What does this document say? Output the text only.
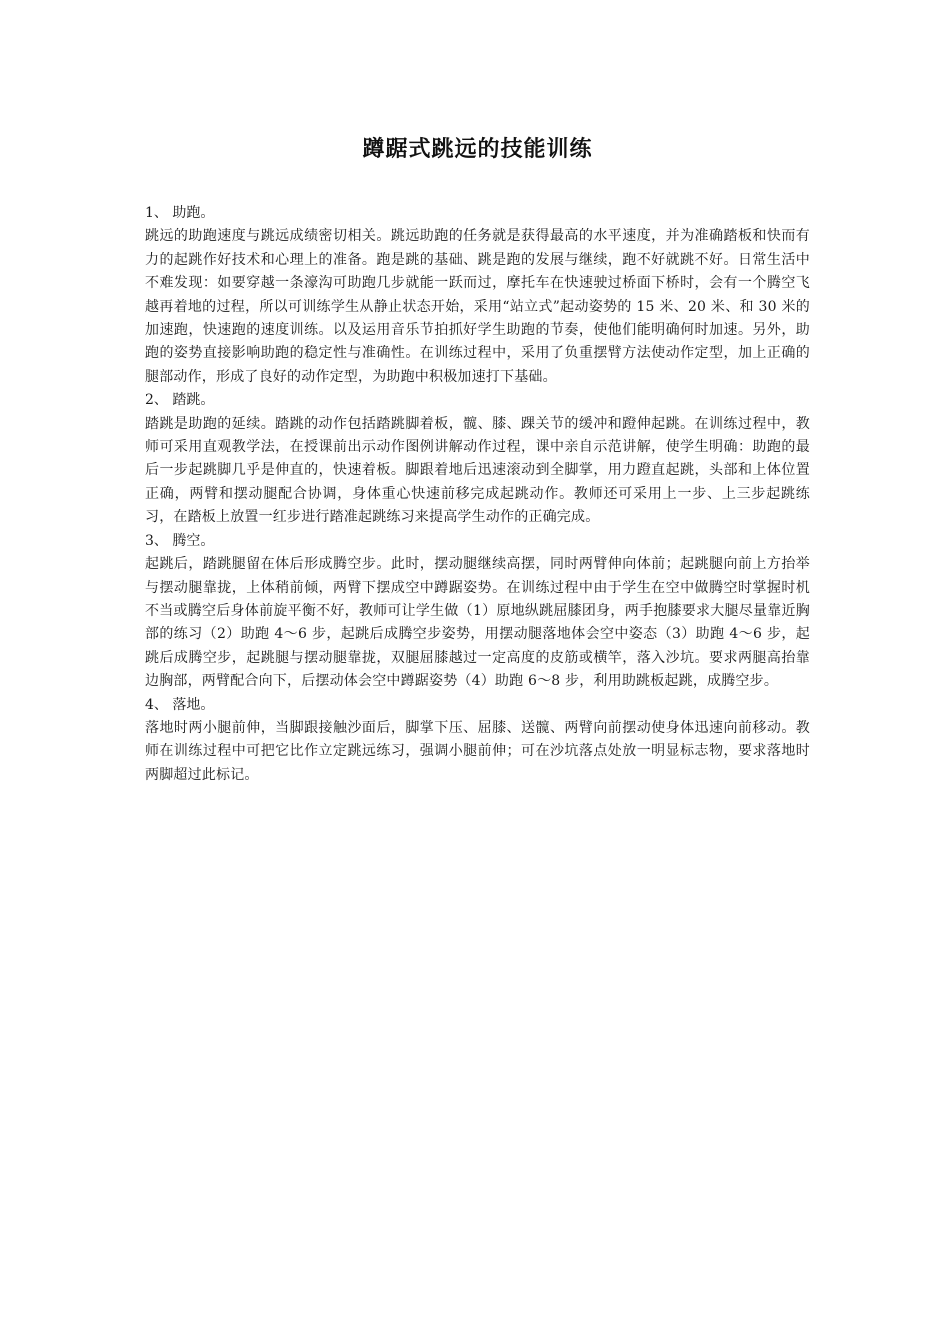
蹲踞式跳远的技能训练

1、 助跑。

跳远的助跑速度与跳远成绩密切相关。跳远助跑的任务就是获得最高的水平速度，并为准确踏板和快而有力的起跳作好技术和心理上的准备。跑是跳的基础、跳是跑的发展与继续，跑不好就跳不好。日常生活中不难发现：如要穿越一条濠沟可助跑几步就能一跃而过，摩托车在快速驶过桥面下桥时，会有一个腾空飞越再着地的过程，所以可训练学生从静止状态开始，采用“站立式”起动姿势的 15 米、20 米、和 30 米的加速跑，快速跑的速度训练。以及运用音乐节拍抓好学生助跑的节奏，使他们能明确何时加速。另外，助跑的姿势直接影响助跑的稳定性与准确性。在训练过程中，采用了负重摆臂方法使动作定型，加上正确的腿部动作，形成了良好的动作定型，为助跑中积极加速打下基础。

2、 踏跳。

踏跳是助跑的延续。踏跳的动作包括踏跳脚着板，髋、膝、踝关节的缓冲和蹬伸起跳。在训练过程中，教师可采用直观教学法，在授课前出示动作图例讲解动作过程，课中亲自示范讲解，使学生明确：助跑的最后一步起跳脚几乎是伸直的，快速着板。脚跟着地后迅速滚动到全脚掌，用力蹬直起跳，头部和上体位置正确，两臂和摆动腿配合协调，身体重心快速前移完成起跳动作。教师还可采用上一步、上三步起跳练习，在踏板上放置一红步进行踏准起跳练习来提高学生动作的正确完成。

3、 腾空。

起跳后，踏跳腿留在体后形成腾空步。此时，摆动腿继续高摆，同时两臂伸向体前；起跳腿向前上方抬举与摆动腿靠拢，上体稍前倾，两臂下摆成空中蹲踞姿势。在训练过程中由于学生在空中做腾空时掌握时机不当或腾空后身体前旋平衡不好，教师可让学生做（1）原地纵跳屈膝团身，两手抱膝要求大腿尽量靠近胸部的练习（2）助跑 4～6 步，起跳后成腾空步姿势，用摆动腿落地体会空中姿态（3）助跑 4～6 步，起跳后成腾空步，起跳腿与摆动腿靠拢，双腿屈膝越过一定高度的皮筋或横竿，落入沙坑。要求两腿高抬靠边胸部，两臂配合向下，后摆动体会空中蹲踞姿势（4）助跑 6～8 步，利用助跳板起跳，成腾空步。

4、 落地。

落地时两小腿前伸，当脚跟接触沙面后，脚掌下压、屈膝、送髋、两臂向前摆动使身体迅速向前移动。教师在训练过程中可把它比作立定跳远练习，强调小腿前伸；可在沙坑落点处放一明显标志物，要求落地时两脚超过此标记。
